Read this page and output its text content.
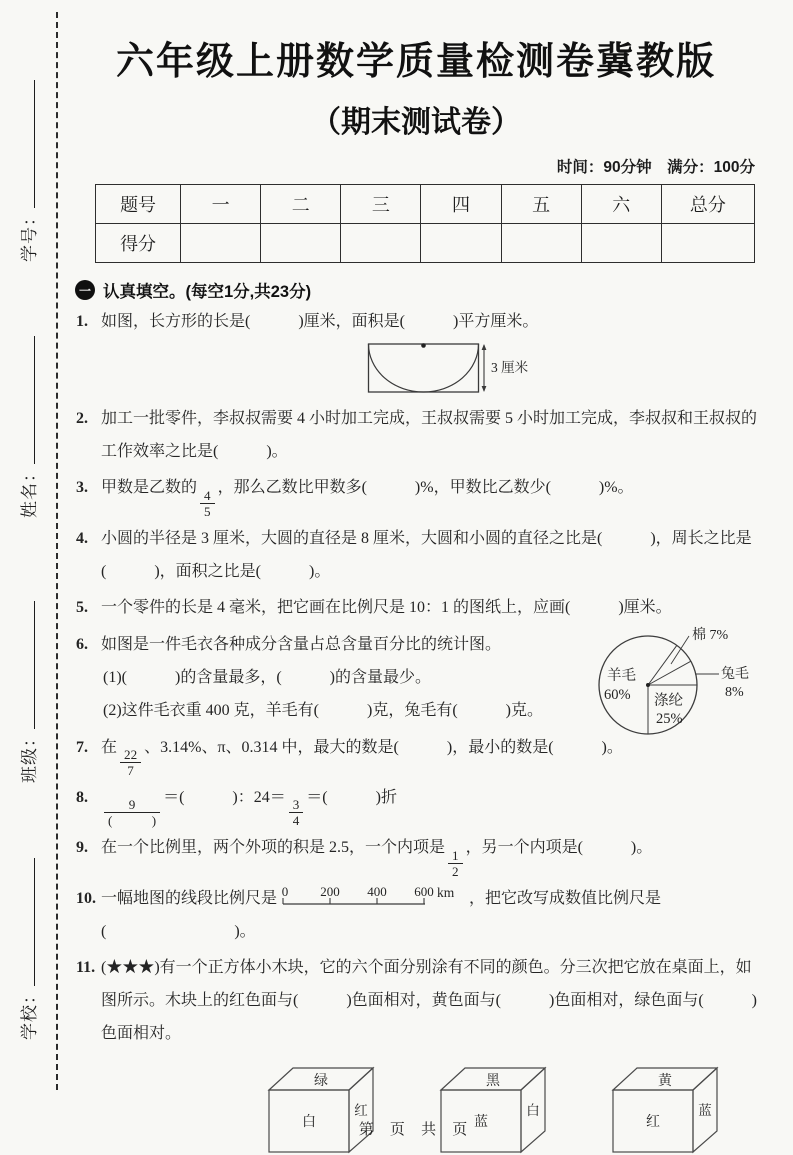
学号：
姓名：
班级：
学校：
六年级上册数学质量检测卷冀教版
（期末测试卷）
时间：90分钟　满分：100分
题号	一	二	三	四	五	六	总分
得分							
一 认真填空。(每空1分,共23分)
1. 如图，长方形的长是(　　　)厘米，面积是(　　　)平方厘米。
3 厘米
2. 加工一批零件，李叔叔需要 4 小时加工完成，王叔叔需要 5 小时加工完成，李叔叔和王叔叔的工作效率之比是(　　　)。
3. 甲数是乙数的 $\frac{4}{5}$ ，那么乙数比甲数多(　　　)%，甲数比乙数少(　　　)%。
4. 小圆的半径是 3 厘米，大圆的直径是 8 厘米，大圆和小圆的直径之比是(　　　)，周长之比是 (　　　)，面积之比是(　　　)。
5. 一个零件的长是 4 毫米，把它画在比例尺是 10：1 的图纸上，应画(　　　)厘米。
6. 如图是一件毛衣各种成分含量占总含量百分比的统计图。
(1)(　　　)的含量最多，(　　　)的含量最少。
(2)这件毛衣重 400 克，羊毛有(　　　)克，兔毛有(　　　)克。
棉 7%
兔毛
8%
羊毛
60% 涤纶
25%
7. 在 $\frac{22}{7}$ 、3.14%、π、0.314 中，最大的数是(　　　)，最小的数是(　　　)。
8. $\frac{9}{( )}$ ＝(　　　)：$24= \frac{3}{4}$ ＝(　　　)折
9. 在一个比例里，两个外项的积是 2.5，一个内项是 $\frac{1}{2}$ ，另一个内项是(　　　)。
10. 一幅地图的线段比例尺是 0 200 400 600 km ，把它改写成数值比例尺是(　　　　　　　　)。
11. (★★★)有一个正方体小木块，它的六个面分别涂有不同的颜色。分三次把它放在桌面上，如图所示。木块上的红色面与(　　　)色面相对，黄色面与(　　　)色面相对，绿色面与(　　　)色面相对。
绿
白
红
黑
蓝
白
黄
红
蓝
第 页 共 页
